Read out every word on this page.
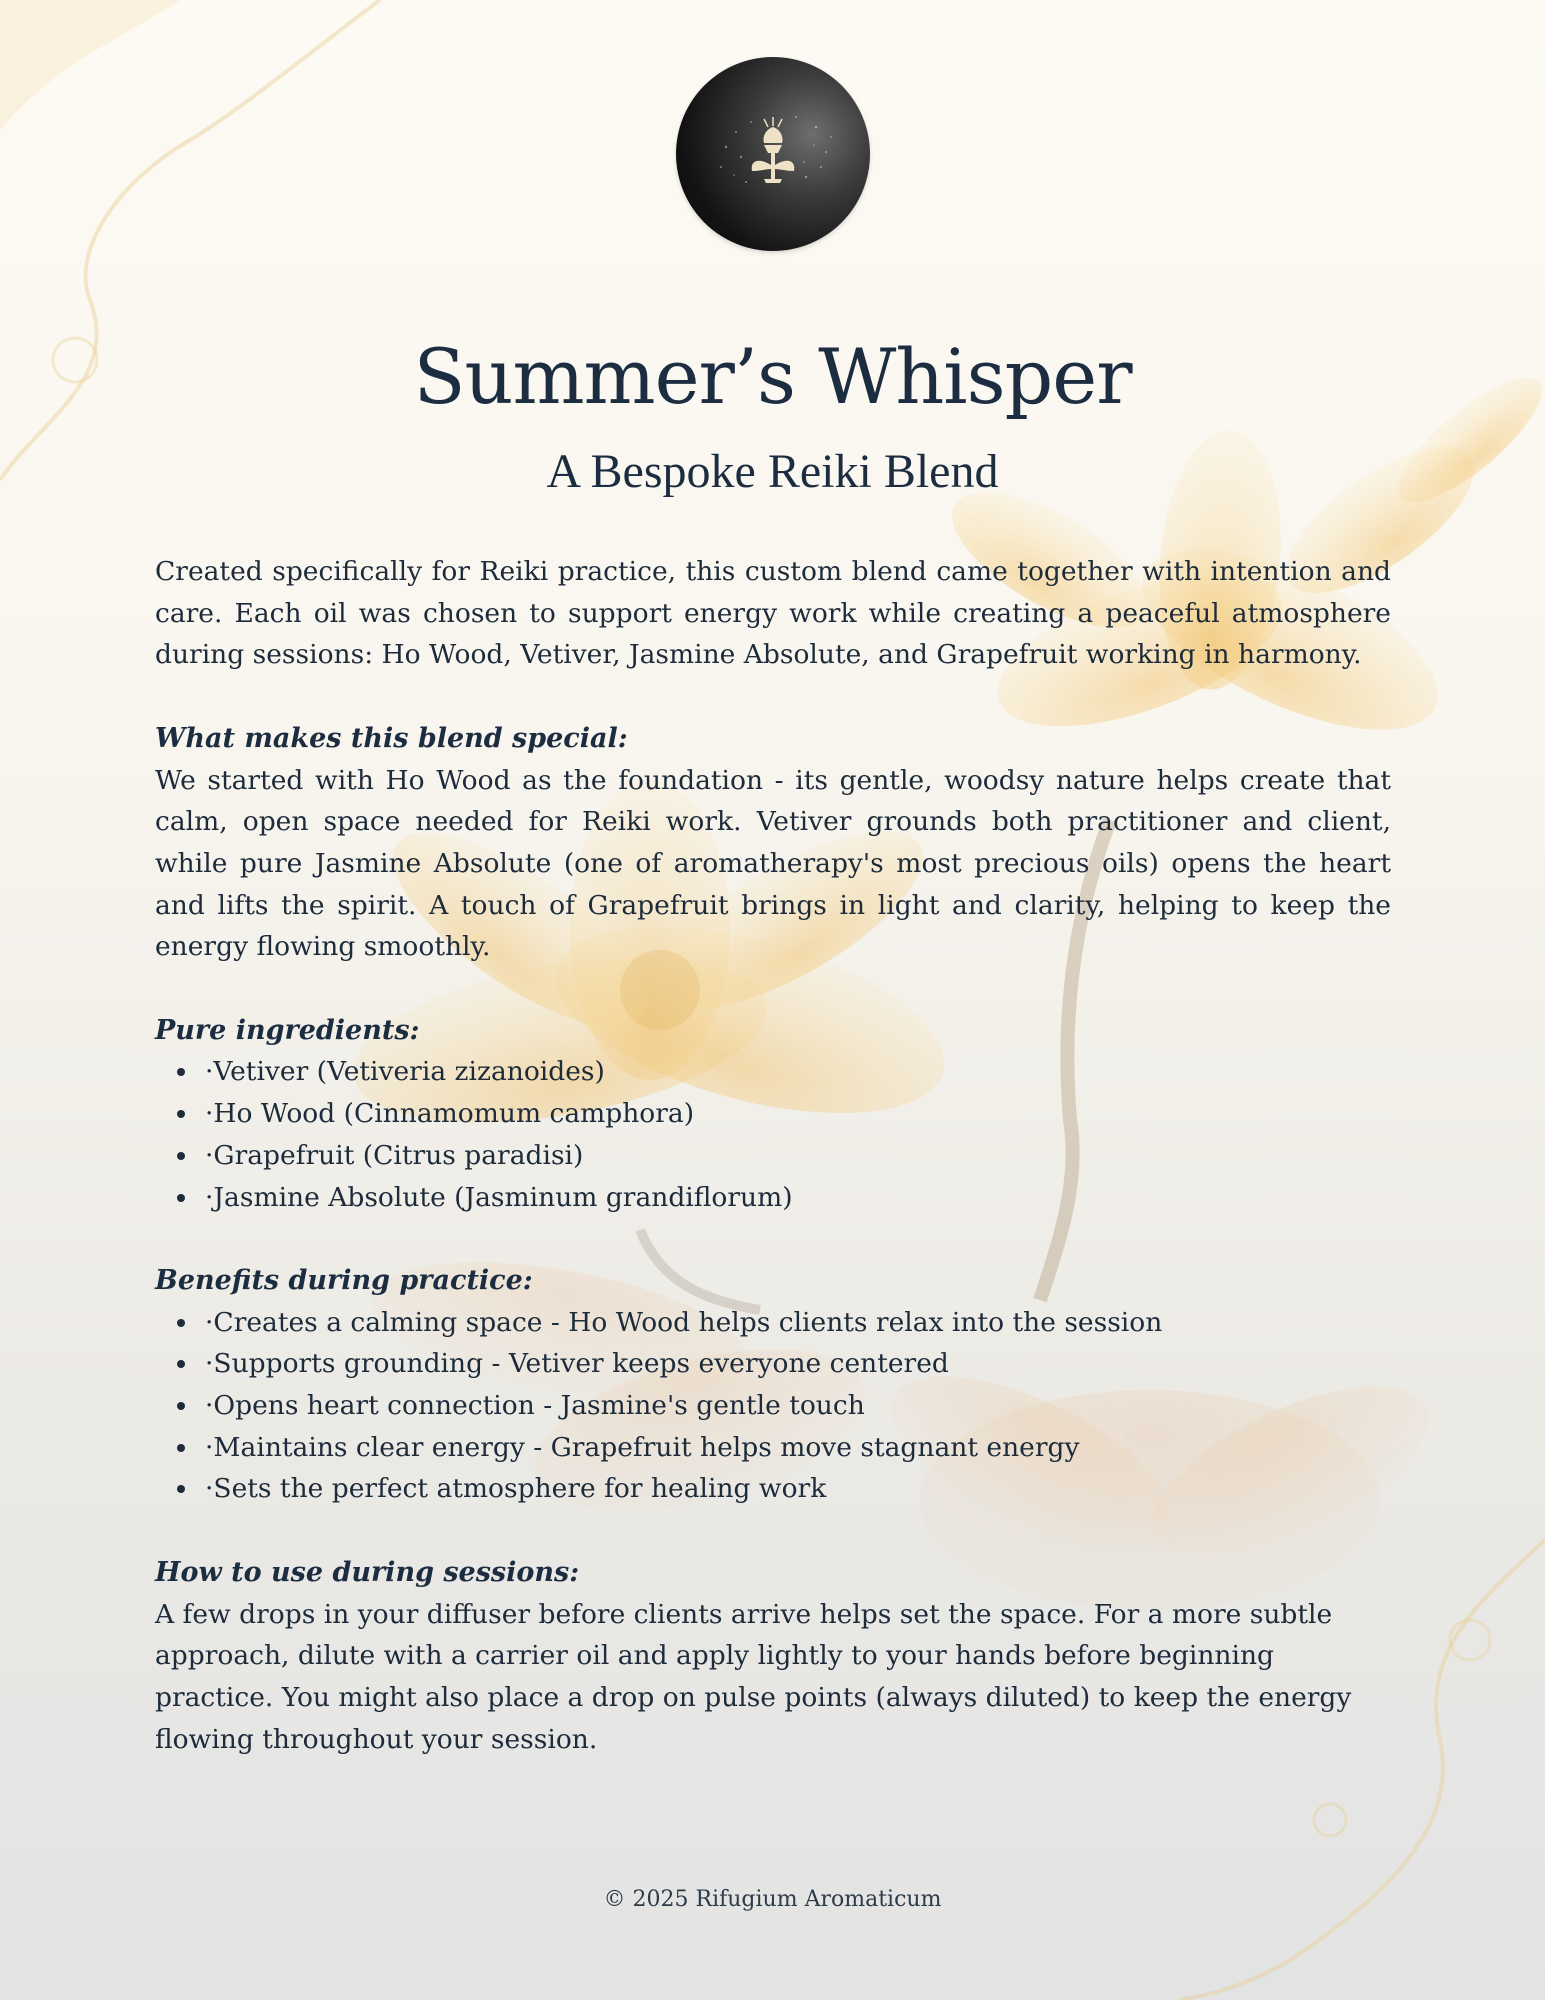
Summer’s Whisper
A Bespoke Reiki Blend

Created specifically for Reiki practice, this custom blend came together with intention and care. Each oil was chosen to support energy work while creating a peaceful atmosphere during sessions: Ho Wood, Vetiver, Jasmine Absolute, and Grapefruit working in harmony.

What makes this blend special:

We started with Ho Wood as the foundation - its gentle, woodsy nature helps create that calm, open space needed for Reiki work. Vetiver grounds both practitioner and client, while pure Jasmine Absolute (one of aromatherapy's most precious oils) opens the heart and lifts the spirit. A touch of Grapefruit brings in light and clarity, helping to keep the energy flowing smoothly.

Pure ingredients:
·Vetiver (Vetiveria zizanoides)
·Ho Wood (Cinnamomum camphora)
·Grapefruit (Citrus paradisi)
·Jasmine Absolute (Jasminum grandiflorum)
Benefits during practice:
·Creates a calming space - Ho Wood helps clients relax into the session
·Supports grounding - Vetiver keeps everyone centered
·Opens heart connection - Jasmine's gentle touch
·Maintains clear energy - Grapefruit helps move stagnant energy
·Sets the perfect atmosphere for healing work
How to use during sessions:

A few drops in your diffuser before clients arrive helps set the space. For a more subtle approach, dilute with a carrier oil and apply lightly to your hands before beginning practice. You might also place a drop on pulse points (always diluted) to keep the energy flowing throughout your session.

© 2025 Rifugium Aromaticum
